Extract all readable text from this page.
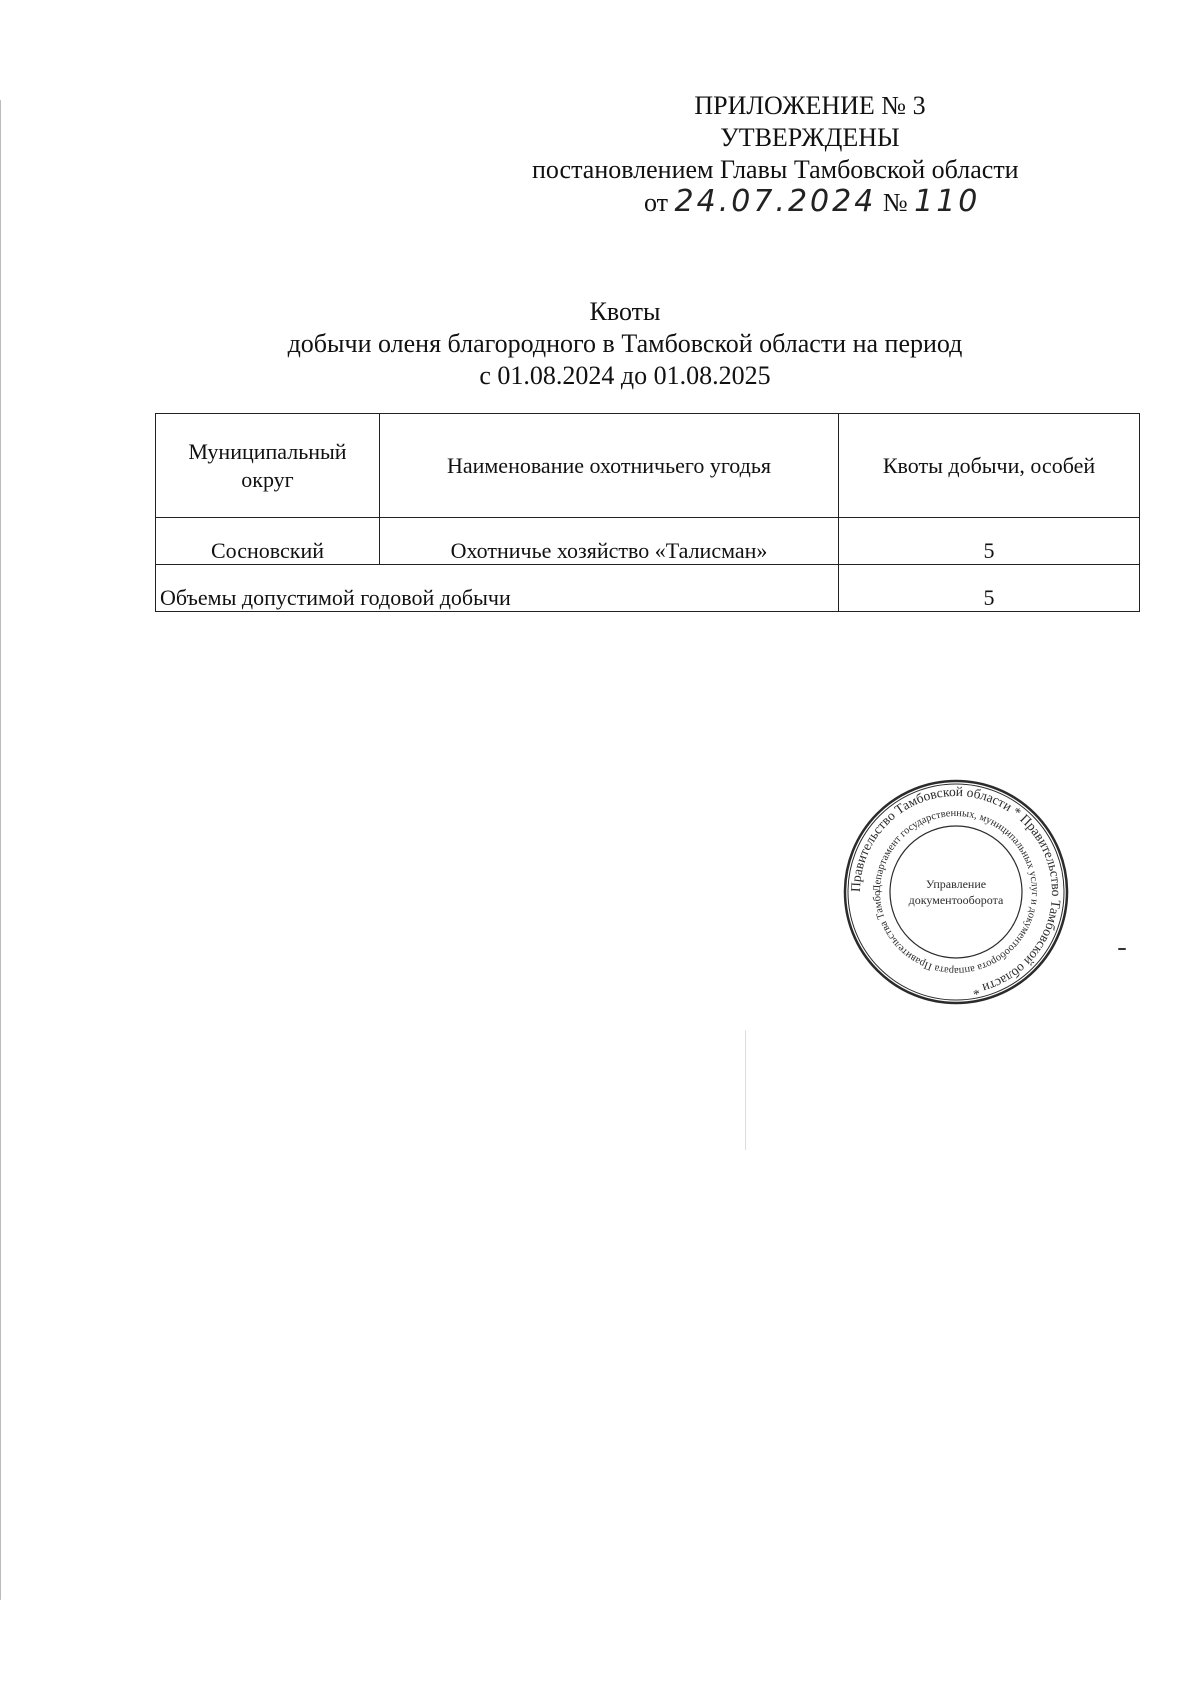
ПРИЛОЖЕНИЕ № 3
УТВЕРЖДЕНЫ
постановлением Главы Тамбовской области
от 24.07.2024 № 110
Квоты
добычи оленя благородного в Тамбовской области на период
с 01.08.2024 до 01.08.2025
Муниципальный округ	Наименование охотничьего угодья	Квоты добычи, особей
Сосновский	Охотничье хозяйство «Талисман»	5
Объемы допустимой годовой добычи		5
Правительство Тамбовской области * Правительство Тамбовской области *
Департамент государственных, муниципальных услуг и документооборота аппарата Правительства Тамбо
Управление
документооборота
